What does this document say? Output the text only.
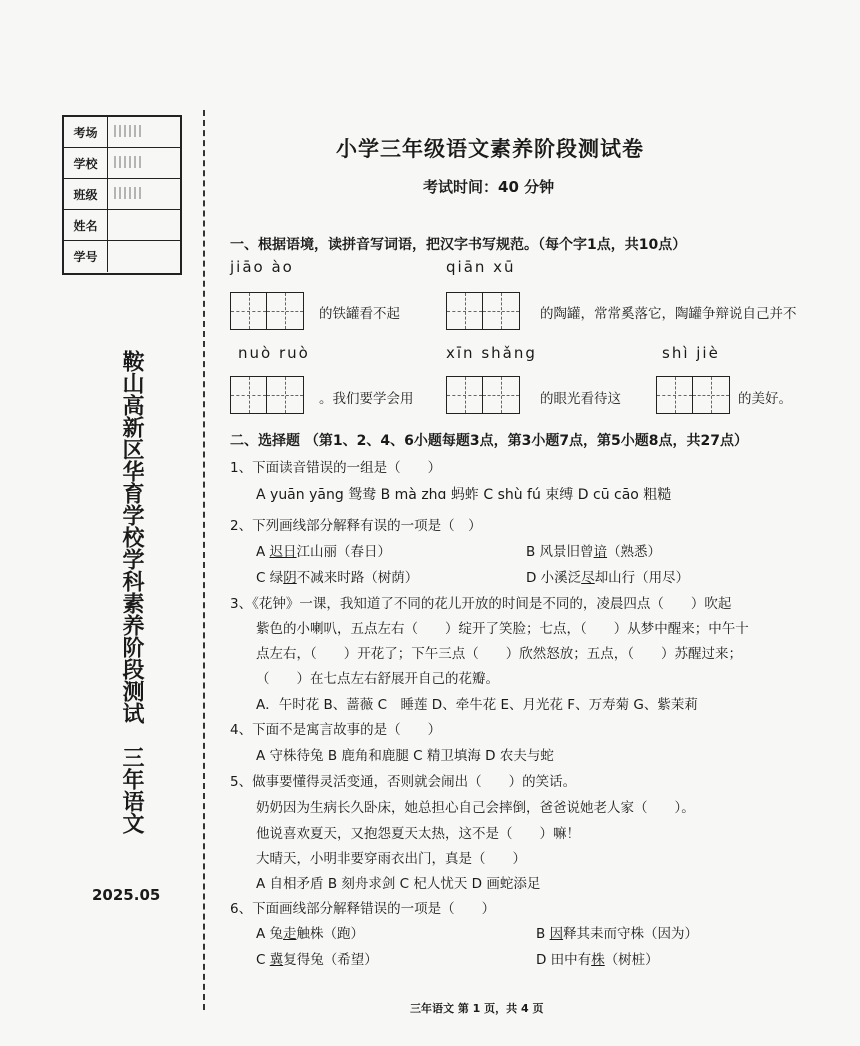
考场
学校
班级
姓名
学号
鞍山高新区华育学校学科素养阶段测试　三年语文
2025.05
小学三年级语文素养阶段测试卷
考试时间：40 分钟
一、根据语境，读拼音写词语，把汉字书写规范。（每个字1点，共10点）
jiāo ào	qiān xū
的铁罐看不起	的陶罐，常常奚落它，陶罐争辩说自己并不
nuò ruò	xīn shǎng	shì jiè
。我们要学会用	的眼光看待这	的美好。
二、选择题 （第1、2、4、6小题每题3点，第3小题7点，第5小题8点，共27点）
1、下面读音错误的一组是（　　）
A yuān yāng 鸳鸯 B mà zhɑ 蚂蚱 C shù fú 束缚 D cū cāo 粗糙
2、下列画线部分解释有误的一项是（　）
A 迟日江山丽（春日）	B 风景旧曾谙（熟悉）
C 绿阴不减来时路（树荫）	D 小溪泛尽却山行（用尽）
3、《花钟》一课，我知道了不同的花儿开放的时间是不同的，凌晨四点（　　）吹起
紫色的小喇叭，五点左右（　　）绽开了笑脸；七点，（　　）从梦中醒来；中午十
点左右，（　　）开花了；下午三点（　　）欣然怒放；五点，（　　）苏醒过来；
（　　）在七点左右舒展开自己的花瓣。
A．午时花 B、蔷薇 C　睡莲 D、牵牛花 E、月光花 F、万寿菊 G、紫茉莉
4、下面不是寓言故事的是（　　）
A 守株待兔 B 鹿角和鹿腿 C 精卫填海 D 农夫与蛇
5、做事要懂得灵活变通，否则就会闹出（　　）的笑话。
奶奶因为生病长久卧床，她总担心自己会摔倒，爸爸说她老人家（　　）。
他说喜欢夏天，又抱怨夏天太热，这不是（　　）嘛！
大晴天，小明非要穿雨衣出门，真是（　　）
A 自相矛盾 B 刻舟求剑 C 杞人忧天 D 画蛇添足
6、下面画线部分解释错误的一项是（　　）
A 兔走触株（跑）	B 因释其耒而守株（因为）
C 冀复得兔（希望）	D 田中有株（树桩）
三年语文 第 1 页，共 4 页
